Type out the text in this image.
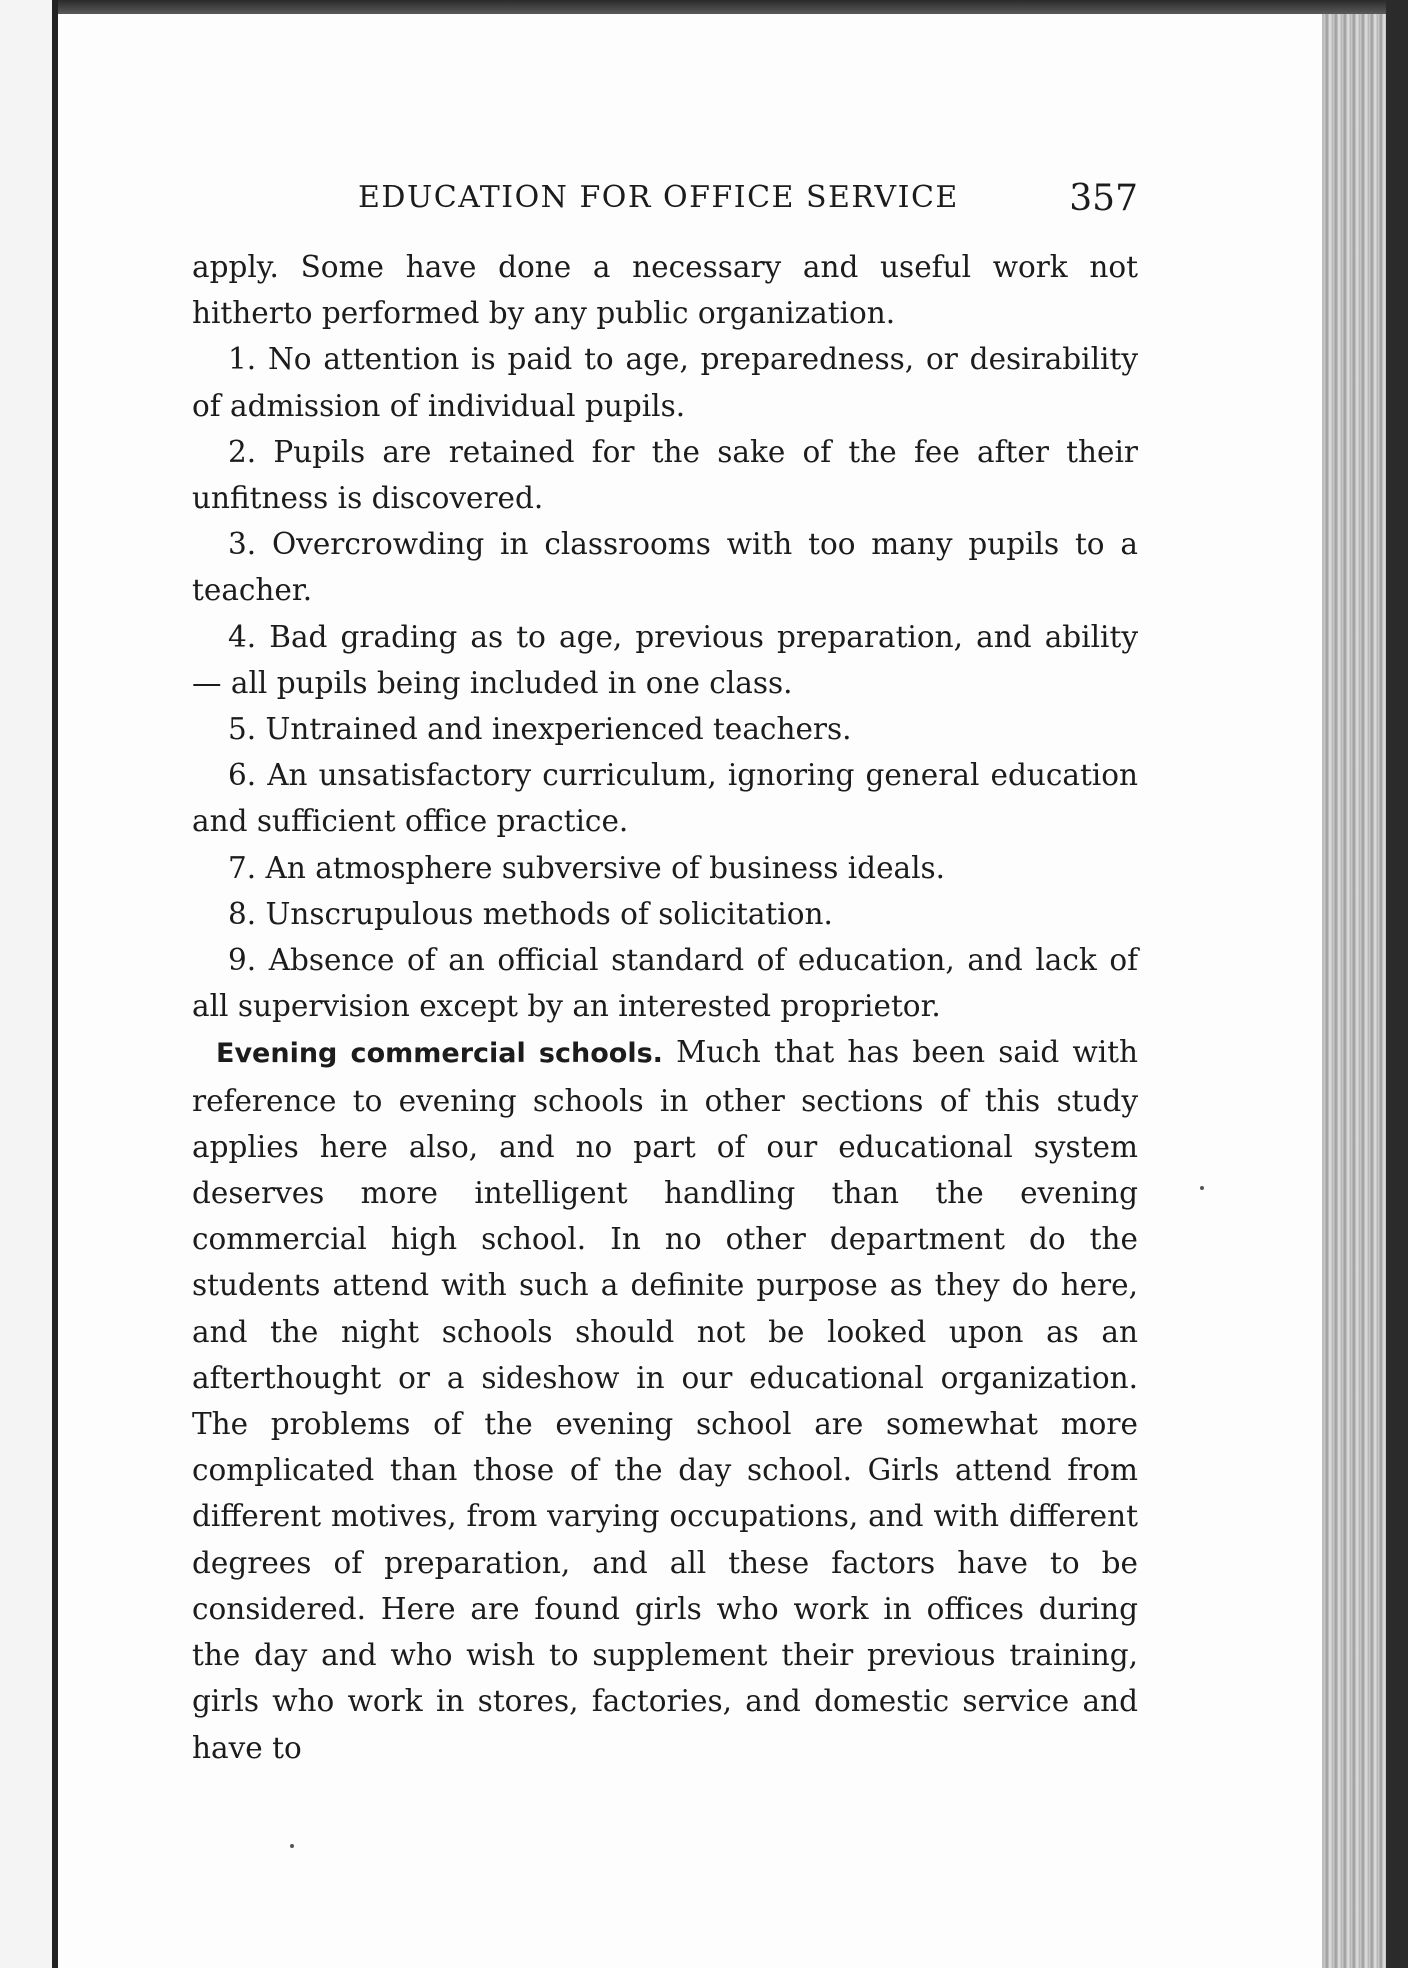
EDUCATION FOR OFFICE SERVICE	357

apply. Some have done a necessary and useful work not hitherto performed by any public organization.

1. No attention is paid to age, preparedness, or desirability of admission of individual pupils.

2. Pupils are retained for the sake of the fee after their unfitness is discovered.

3. Overcrowding in classrooms with too many pupils to a teacher.

4. Bad grading as to age, previous preparation, and ability — all pupils being included in one class.

5. Untrained and inexperienced teachers.

6. An unsatisfactory curriculum, ignoring general education and sufficient office practice.

7. An atmosphere subversive of business ideals.

8. Unscrupulous methods of solicitation.

9. Absence of an official standard of education, and lack of all supervision except by an interested proprietor.

Evening commercial schools. Much that has been said with reference to evening schools in other sections of this study applies here also, and no part of our educational system deserves more intelligent handling than the evening commercial high school. In no other department do the students attend with such a definite purpose as they do here, and the night schools should not be looked upon as an afterthought or a sideshow in our educational organization. The problems of the evening school are somewhat more complicated than those of the day school. Girls attend from different motives, from varying occupations, and with different degrees of preparation, and all these factors have to be considered. Here are found girls who work in offices during the day and who wish to supplement their previous training, girls who work in stores, factories, and domestic service and have to
